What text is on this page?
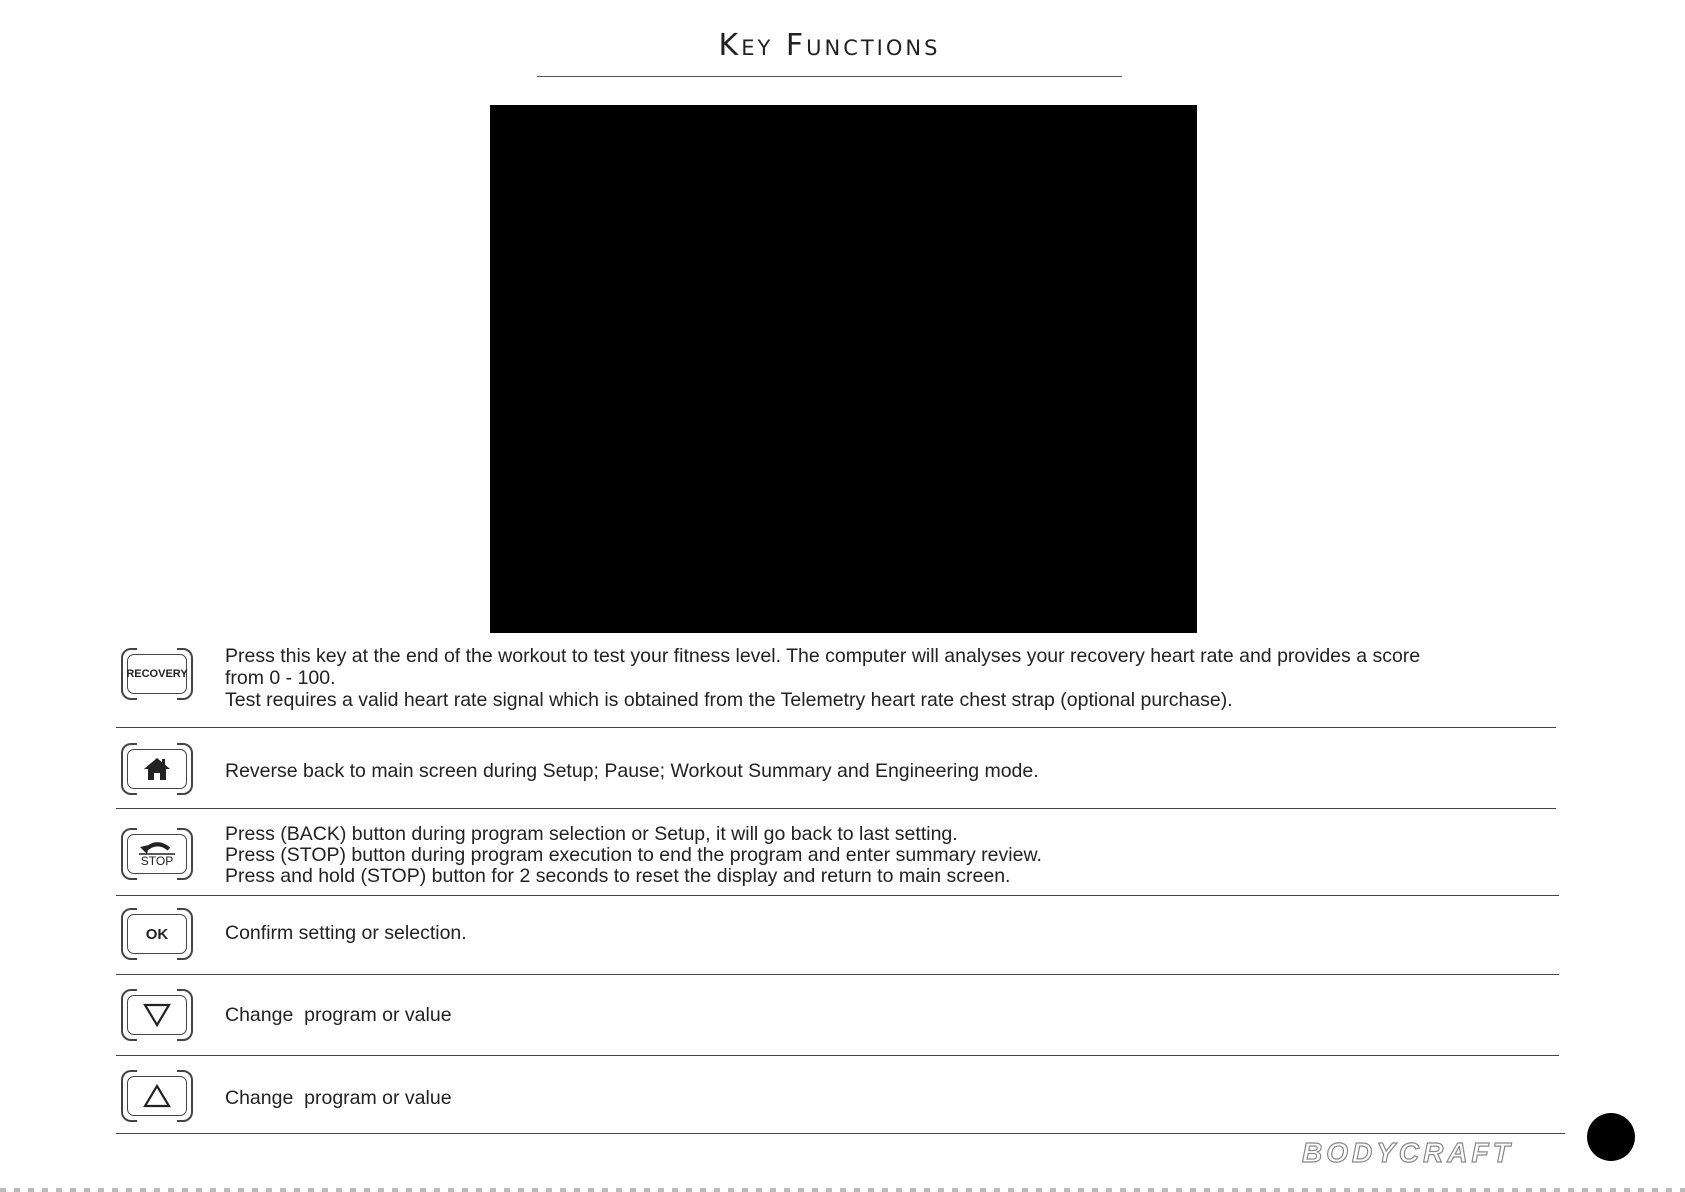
Key Functions
RECOVERY
Press this key at the end of the workout to test your fitness level. The computer will analyses your recovery heart rate and provides a score
from 0 - 100.
Test requires a valid heart rate signal which is obtained from the Telemetry heart rate chest strap (optional purchase).
Reverse back to main screen during Setup; Pause; Workout Summary and Engineering mode.
STOP
Press (BACK) button during program selection or Setup, it will go back to last setting.
Press (STOP) button during program execution to end the program and enter summary review.
Press and hold (STOP) button for 2 seconds to reset the display and return to main screen.
OK	Confirm setting or selection.
Change  program or value
Change  program or value
BODYCRAFT
